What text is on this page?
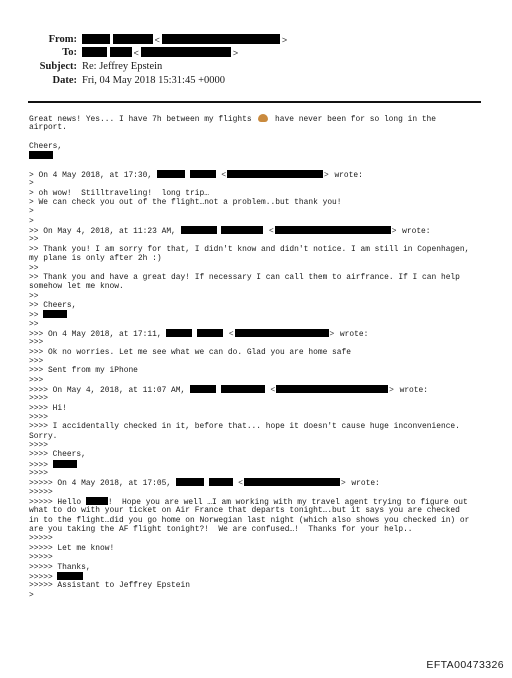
From:	<	>
To:	<	>
Subject: Re: Jeffrey Epstein
Date: Fri, 04 May 2018 15:31:45 +0000
Great news! Yes... I have 7h between my flights  have never been for so long in the
airport.
Cheers,
> On 4 May 2018, at 17:30,	<	> wrote:
>
> oh wow!  Stilltraveling!  long trip…
> We can check you out of the flight…not a problem..but thank you!
>
>
>> On May 4, 2018, at 11:23 AM,	<	> wrote:
>>
>> Thank you! I am sorry for that, I didn't know and didn't notice. I am still in Copenhagen,
my plane is only after 2h :)
>>
>> Thank you and have a great day! If necessary I can call them to airfrance. If I can help
somehow let me know.
>>
>> Cheers,
>>
>>
>>> On 4 May 2018, at 17:11,	<	> wrote:
>>>
>>> Ok no worries. Let me see what we can do. Glad you are home safe
>>>
>>> Sent from my iPhone
>>>
>>>> On May 4, 2018, at 11:07 AM,	<	> wrote:
>>>>
>>>> Hi!
>>>>
>>>> I accidentally checked in it, before that... hope it doesn't cause huge inconvenience.
Sorry.
>>>>
>>>> Cheers,
>>>>
>>>>
>>>>> On 4 May 2018, at 17:05,	<	> wrote:
>>>>>
>>>>> Hello	!  Hope you are well …I am working with my travel agent trying to figure out
what to do with your ticket on Air France that departs tonight….but it says you are checked
in to the flight…did you go home on Norwegian last night (which also shows you checked in) or
are you taking the AF flight tonight?!  We are confused…!  Thanks for your help..
>>>>>
>>>>> Let me know!
>>>>>
>>>>> Thanks,
>>>>>
>>>>> Assistant to Jeffrey Epstein
>
EFTA00473326
